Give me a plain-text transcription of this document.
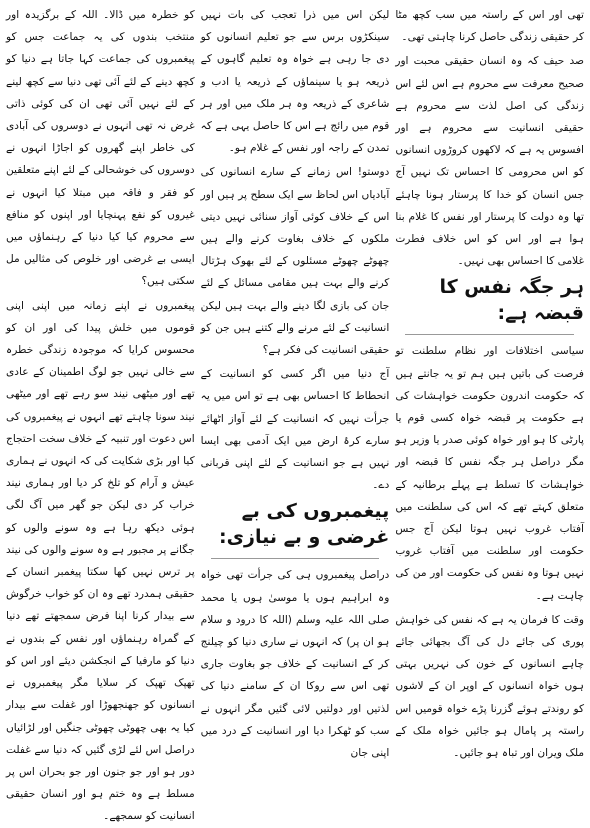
تھی اور اس کے راستہ میں سب کچھ مٹا کر حقیقی زندگی حاصل کرنا چاہتی تھی۔

صد حیف کہ وہ انسان حقیقی محبت اور صحیح معرفت سے محروم ہے اس لئے اس زندگی کی اصل لذت سے محروم ہے حقیقی انسانیت سے محروم ہے اور افسوس یہ ہے کہ لاکھوں کروڑوں انسانوں کو اس محرومی کا احساس تک نہیں آج جس انسان کو خدا کا پرستار ہونا چاہئے تھا وہ دولت کا پرستار اور نفس کا غلام بنا ہوا ہے اور اس کو اس خلاف فطرت غلامی کا احساس بھی نہیں۔

ہر جگہ نفس کا قبضہ ہے:

سیاسی اختلافات اور نظام سلطنت تو فرصت کی باتیں ہیں ہم تو یہ جانتے ہیں کہ حکومت اندرون حکومت خواہشات کی ہے حکومت پر قبضہ خواہ کسی قوم یا پارٹی کا ہو اور خواہ کوئی صدر یا وزیر ہو مگر دراصل ہر جگہ نفس کا قبضہ اور خواہشات کا تسلط ہے پہلے برطانیہ کے متعلق کہتے تھے کہ اس کی سلطنت میں آفتاب غروب نہیں ہوتا لیکن آج جس حکومت اور سلطنت میں آفتاب غروب نہیں ہوتا وہ نفس کی حکومت اور من کی چاہت ہے۔

وقت کا فرمان یہ ہے کہ نفس کی خواہش پوری کی جائے دل کی آگ بجھائی جائے چاہے انسانوں کے خون کی نہریں بہتی ہوں خواہ انسانوں کے اوپر ان کے لاشوں کو روندتے ہوئے گزرنا پڑے خواہ قومیں اس راستہ پر پامال ہو جائیں خواہ ملک کے ملک ویران اور تباہ ہو جائیں۔

لیکن اس میں ذرا تعجب کی بات نہیں سینکڑوں برس سے جو تعلیم انسانوں کو دی جا رہی ہے خواہ وہ تعلیم گاہوں کے ذریعہ ہو یا سینماؤں کے ذریعہ یا ادب و شاعری کے ذریعہ وہ ہر ملک میں اور ہر قوم میں رائج ہے اس کا حاصل یہی ہے کہ تمدن کے راجہ اور نفس کے غلام ہو۔

دوستو! اس زمانے کے سارے انسانوں کی آبادیاں اس لحاظ سے ایک سطح پر ہیں اور اس کے خلاف کوئی آواز سنائی نہیں دیتی ملکوں کے خلاف بغاوت کرنے والے ہیں چھوٹے چھوٹے مسئلوں کے لئے بھوک ہڑتال کرنے والے بہت ہیں مقامی مسائل کے لئے جان کی بازی لگا دینے والے بہت ہیں لیکن انسانیت کے لئے مرنے والے کتنے ہیں جن کو حقیقی انسانیت کی فکر ہے؟

آج دنیا میں اگر کسی کو انسانیت کے انحطاط کا احساس بھی ہے تو اس میں یہ جرأت نہیں کہ انسانیت کے لئے آواز اٹھائے سارے کرۂ ارض میں ایک آدمی بھی ایسا نہیں ہے جو انسانیت کے لئے اپنی قربانی دے۔

پیغمبروں کی بے غرضی و بے نیازی:

دراصل پیغمبروں ہی کی جرأت تھی خواہ وہ ابراہیم ہوں یا موسیٰ ہوں یا محمد صلی اللہ علیہ وسلم (اللہ کا درود و سلام ہو ان پر) کہ انہوں نے ساری دنیا کو چیلنج کر کے انسانیت کے خلاف جو بغاوت جاری تھی اس سے روکا ان کے سامنے دنیا کی لذتیں اور دولتیں لائی گئیں مگر انہوں نے سب کو ٹھکرا دیا اور انسانیت کے درد میں اپنی جان

کو خطرہ میں ڈالا۔ اللہ کے برگزیدہ اور منتخب بندوں کی یہ جماعت جس کو پیغمبروں کی جماعت کہا جاتا ہے دنیا کو کچھ دینے کے لئے آئی تھی دنیا سے کچھ لینے کے لئے نہیں آئی تھی ان کی کوئی ذاتی غرض نہ تھی انہوں نے دوسروں کی آبادی کی خاطر اپنے گھروں کو اجاڑا انہوں نے دوسروں کی خوشحالی کے لئے اپنے متعلقین کو فقر و فاقہ میں مبتلا کیا انہوں نے غیروں کو نفع پہنچایا اور اپنوں کو منافع سے محروم کیا کیا دنیا کے رہنماؤں میں ایسی بے غرضی اور خلوص کی مثالیں مل سکتی ہیں؟

پیغمبروں نے اپنے زمانہ میں اپنی اپنی قوموں میں خلش پیدا کی اور ان کو محسوس کرایا کہ موجودہ زندگی خطرہ سے خالی نہیں جو لوگ اطمینان کے عادی تھے اور میٹھی نیند سو رہے تھے اور میٹھی نیند سونا چاہتے تھے انہوں نے پیغمبروں کی اس دعوت اور تنبیہ کے خلاف سخت احتجاج کیا اور بڑی شکایت کی کہ انہوں نے ہماری عیش و آرام کو تلخ کر دیا اور ہماری نیند خراب کر دی لیکن جو گھر میں آگ لگی ہوئی دیکھ رہا ہے وہ سونے والوں کو جگانے پر مجبور ہے وہ سونے والوں کی نیند پر ترس نہیں کھا سکتا پیغمبر انسان کے حقیقی ہمدرد تھے وہ ان کو خواب خرگوش سے بیدار کرنا اپنا فرض سمجھتے تھے دنیا کے گمراہ رہنماؤں اور نفس کے بندوں نے دنیا کو مارفیا کے انجکشن دیئے اور اس کو تھپک تھپک کر سلایا مگر پیغمبروں نے انسانوں کو جھنجھوڑا اور غفلت سے بیدار کیا یہ بھی چھوٹی چھوٹی جنگیں اور لڑائیاں دراصل اس لئے لڑی گئیں کہ دنیا سے غفلت دور ہو اور جو جنون اور جو بحران اس پر مسلط ہے وہ ختم ہو اور انسان حقیقی انسانیت کو سمجھے۔
